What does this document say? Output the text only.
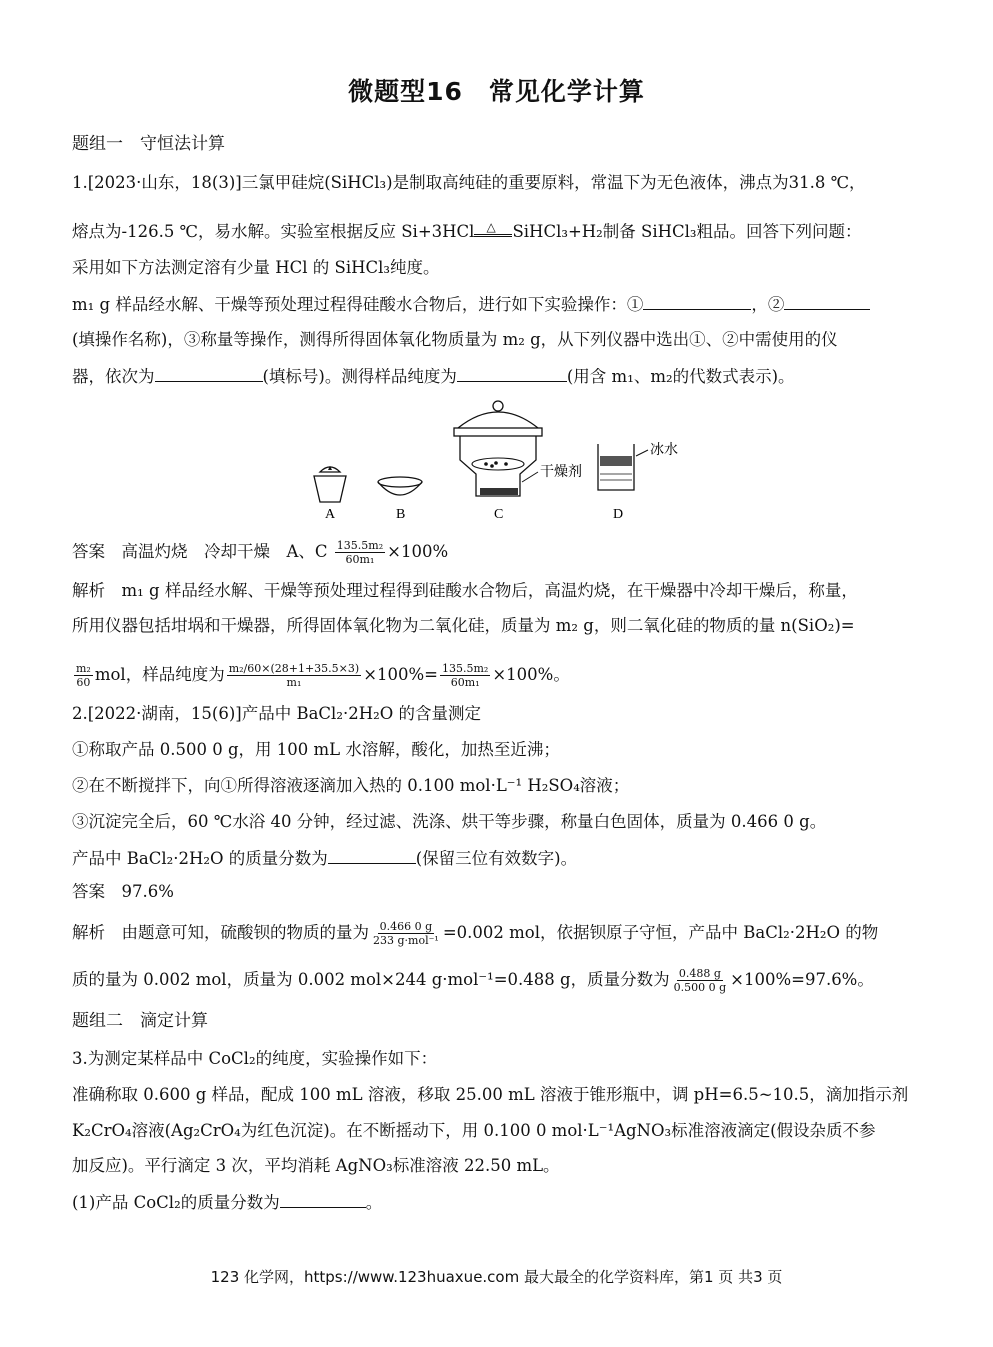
微题型16　常见化学计算
题组一　守恒法计算
1.[2023·山东，18(3)]三氯甲硅烷(SiHCl₃)是制取高纯硅的重要原料，常温下为无色液体，沸点为31.8 ℃，
熔点为-126.5 ℃，易水解。实验室根据反应 Si+3HCl △ SiHCl₃+H₂制备 SiHCl₃粗品。回答下列问题：
采用如下方法测定溶有少量 HCl 的 SiHCl₃纯度。
m₁ g 样品经水解、干燥等预处理过程得硅酸水合物后，进行如下实验操作：①	，②
(填操作名称)，③称量等操作，测得所得固体氧化物质量为 m₂ g，从下列仪器中选出①、②中需使用的仪
器，依次为	(填标号)。测得样品纯度为	(用含 m₁、m₂的代数式表示)。
A	B
干燥剂
C
冰水
D
答案　高温灼烧　冷却干燥　A、C $\frac{\text{135.5m₂}}{\text{60m₁}} \times 100\%$
解析　m₁ g 样品经水解、干燥等预处理过程得到硅酸水合物后，高温灼烧，在干燥器中冷却干燥后，称量，
所用仪器包括坩埚和干燥器，所得固体氧化物为二氧化硅，质量为 m₂ g，则二氧化硅的物质的量 n(SiO₂)=
$\frac{\text{m₂}}{60}$ mol，样品纯度为 $\frac{\text{m₂/60×(28+1+35.5×3)}}{\text{m₁}} \times 100\%= \frac{\text{135.5m₂}}{\text{60m₁}} \times 100\%$。
2.[2022·湖南，15(6)]产品中 BaCl₂·2H₂O 的含量测定
①称取产品 0.500 0 g，用 100 mL 水溶解，酸化，加热至近沸；
②在不断搅拌下，向①所得溶液逐滴加入热的 0.100 mol·L⁻¹ H₂SO₄溶液；
③沉淀完全后，60 ℃水浴 40 分钟，经过滤、洗涤、烘干等步骤，称量白色固体，质量为 0.466 0 g。
产品中 BaCl₂·2H₂O 的质量分数为	(保留三位有效数字)。
答案　97.6%
解析　由题意可知，硫酸钡的物质的量为 $\frac{0.466 0 g}{\text{233 g·mol⁻¹}} =0.002$ mol，依据钡原子守恒，产品中 BaCl₂·2H₂O 的物
质的量为 0.002 mol，质量为 0.002 mol×244 g·mol⁻¹=0.488 g，质量分数为 $\frac{0.488 g}{0.500 0 g} \times 100\%=97.6\%$。
题组二　滴定计算
3.为测定某样品中 CoCl₂的纯度，实验操作如下：
准确称取 0.600 g 样品，配成 100 mL 溶液，移取 25.00 mL 溶液于锥形瓶中，调 pH=6.5~10.5，滴加指示剂
K₂CrO₄溶液(Ag₂CrO₄为红色沉淀)。在不断摇动下，用 0.100 0 mol·L⁻¹AgNO₃标准溶液滴定(假设杂质不参
加反应)。平行滴定 3 次，平均消耗 AgNO₃标准溶液 22.50 mL。
(1)产品 CoCl₂的质量分数为	。
123 化学网，https://www.123huaxue.com 最大最全的化学资料库，第1 页 共3 页
